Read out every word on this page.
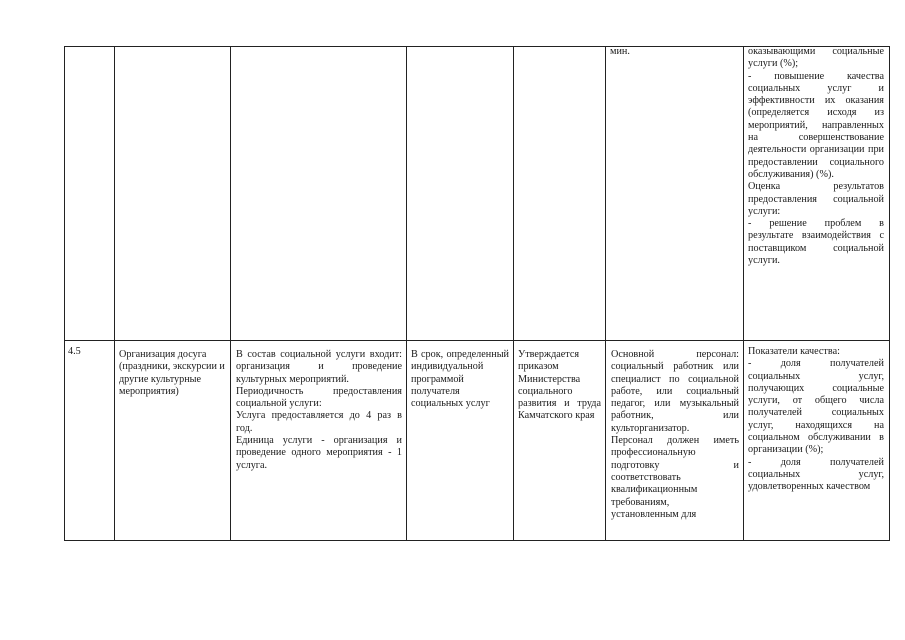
мин.	оказывающими социальные услуги (%);

- повышение качества социальных услуг и эффективности их оказания (определяется исходя из мероприятий, направленных на совершенствование деятельности организации при предоставлении социального обслуживания) (%).

Оценка результатов предоставления социальной услуги:

- решение проблем в результате взаимодействия с поставщиком социальной услуги.

4.5	Организация досуга (праздники, экскурсии и другие культурные мероприятия)

В состав социальной услуги входит: организация и проведение культурных мероприятий.

Периодичность предоставления социальной услуги:

Услуга предоставляется до 4 раз в год.

Единица услуги - организация и проведение одного мероприятия - 1 услуга.

В срок, определенный индивидуальной программой получателя социальных услуг

Утверждается приказом Министерства социального развития и труда Камчатского края

Основной персонал: социальный работник или специалист по социальной работе, или социальный педагог, или музыкальный работник, или культорганизатор.

Персонал должен иметь профессиональную подготовку и соответствовать квалификационным требованиям, установленным для

Показатели качества:

- доля получателей социальных услуг, получающих социальные услуги, от общего числа получателей социальных услуг, находящихся на социальном обслуживании в организации (%);

- доля получателей социальных услуг, удовлетворенных качеством
